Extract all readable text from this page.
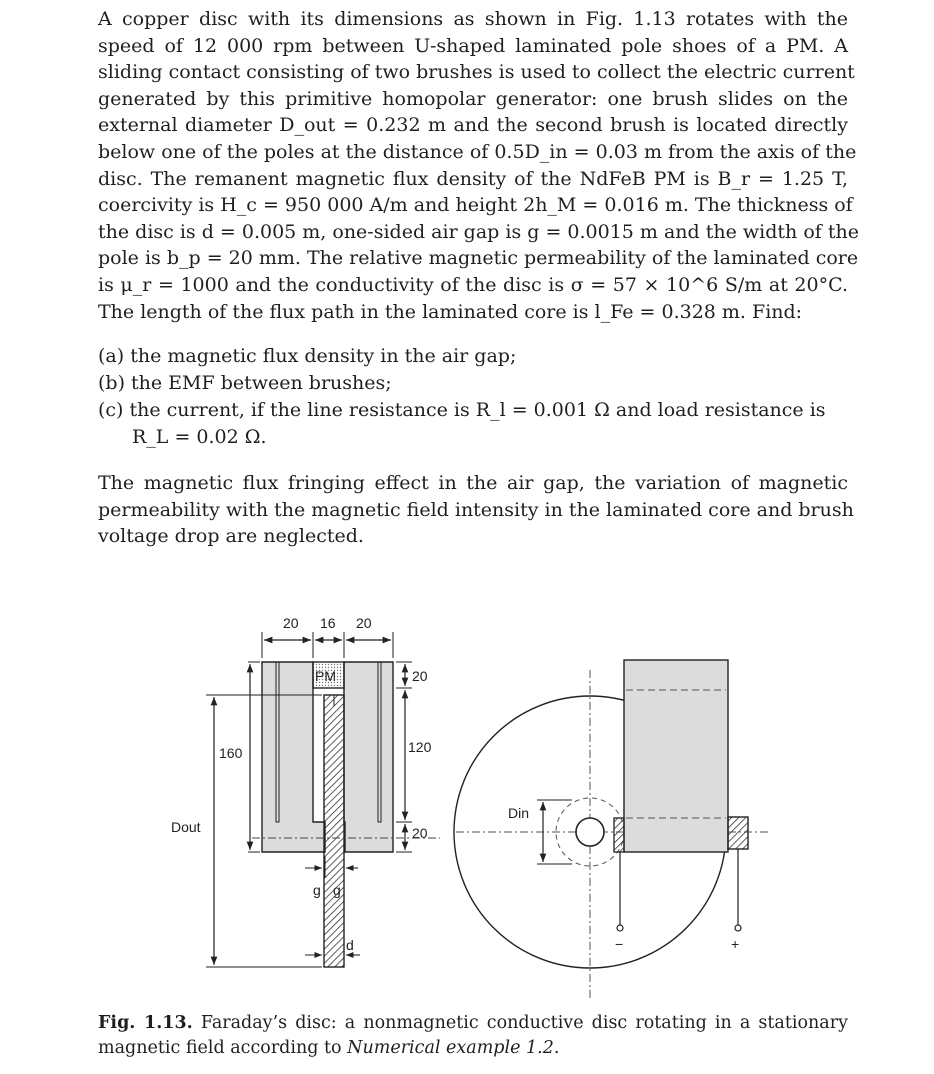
A copper disc with its dimensions as shown in Fig. 1.13 rotates with the
speed of 12 000 rpm between U-shaped laminated pole shoes of a PM. A
sliding contact consisting of two brushes is used to collect the electric current
generated by this primitive homopolar generator: one brush slides on the
external diameter D_out = 0.232 m and the second brush is located directly
below one of the poles at the distance of 0.5D_in = 0.03 m from the axis of the
disc. The remanent magnetic flux density of the NdFeB PM is B_r = 1.25 T,
coercivity is H_c = 950 000 A/m and height 2h_M = 0.016 m. The thickness of
the disc is d = 0.005 m, one-sided air gap is g = 0.0015 m and the width of the
pole is b_p = 20 mm. The relative magnetic permeability of the laminated core
is μ_r = 1000 and the conductivity of the disc is σ = 57 × 10^6 S/m at 20°C.
The length of the flux path in the laminated core is l_Fe = 0.328 m. Find:
(a) the magnetic flux density in the air gap;
(b) the EMF between brushes;
(c) the current, if the line resistance is R_l = 0.001 Ω and load resistance is
R_L = 0.02 Ω.
The magnetic flux fringing effect in the air gap, the variation of magnetic
permeability with the magnetic field intensity in the laminated core and brush
voltage drop are neglected.
PM
20 16 20
20
120
20
160
Dout
g g
d
Din
−	+
Fig. 1.13. Faraday’s disc: a nonmagnetic conductive disc rotating in a stationary
magnetic field according to Numerical example 1.2.
